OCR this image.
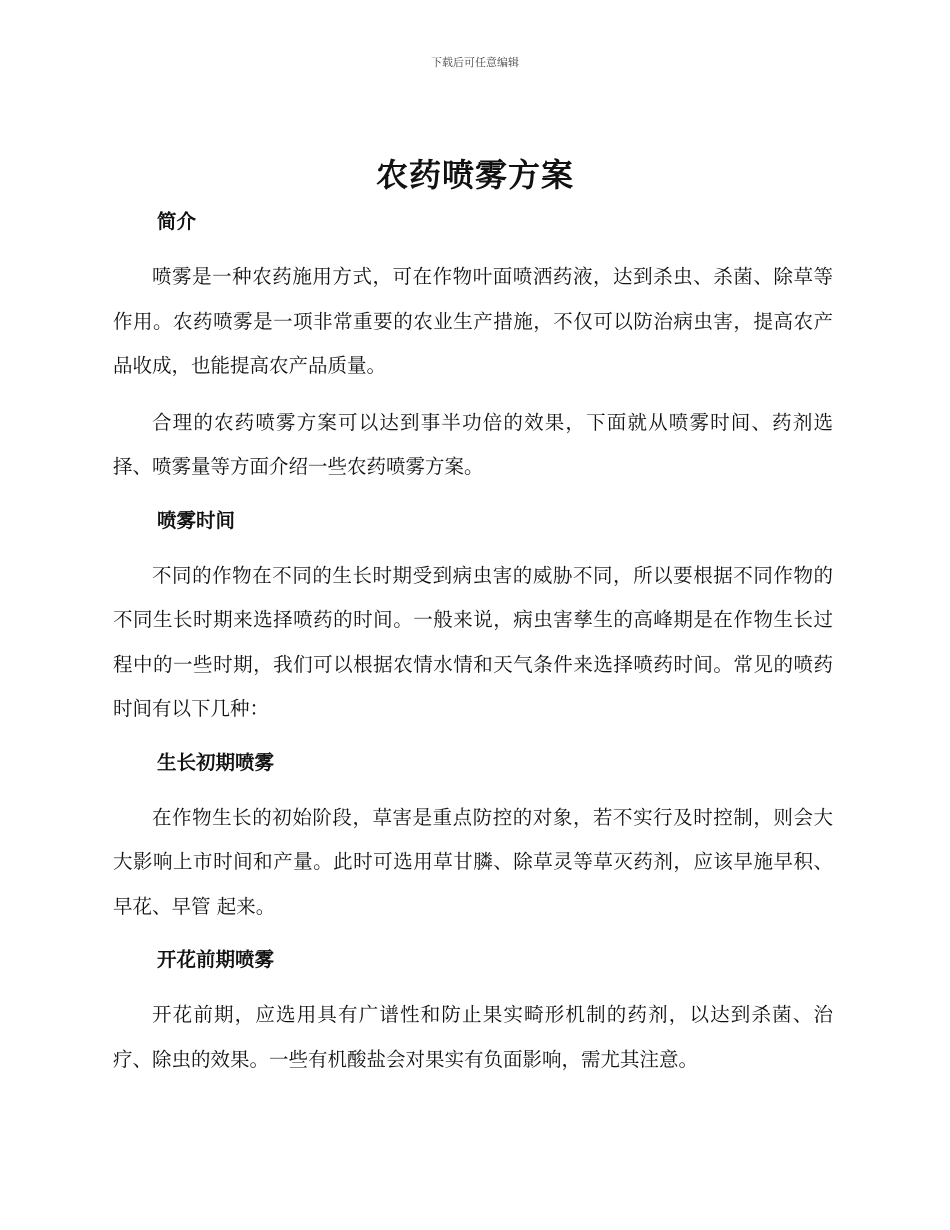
下载后可任意编辑
农药喷雾方案
简介

喷雾是一种农药施用方式，可在作物叶面喷洒药液，达到杀虫、杀菌、除草等作用。农药喷雾是一项非常重要的农业生产措施，不仅可以防治病虫害，提高农产品收成，也能提高农产品质量。

合理的农药喷雾方案可以达到事半功倍的效果，下面就从喷雾时间、药剂选择、喷雾量等方面介绍一些农药喷雾方案。

喷雾时间

不同的作物在不同的生长时期受到病虫害的威胁不同，所以要根据不同作物的不同生长时期来选择喷药的时间。一般来说，病虫害孳生的高峰期是在作物生长过程中的一些时期，我们可以根据农情水情和天气条件来选择喷药时间。常见的喷药时间有以下几种：

生长初期喷雾

在作物生长的初始阶段，草害是重点防控的对象，若不实行及时控制，则会大大影响上市时间和产量。此时可选用草甘膦、除草灵等草灭药剂，应该早施早积、早花、早管 起来。

开花前期喷雾

开花前期，应选用具有广谱性和防止果实畸形机制的药剂，以达到杀菌、治疗、除虫的效果。一些有机酸盐会对果实有负面影响，需尤其注意。
